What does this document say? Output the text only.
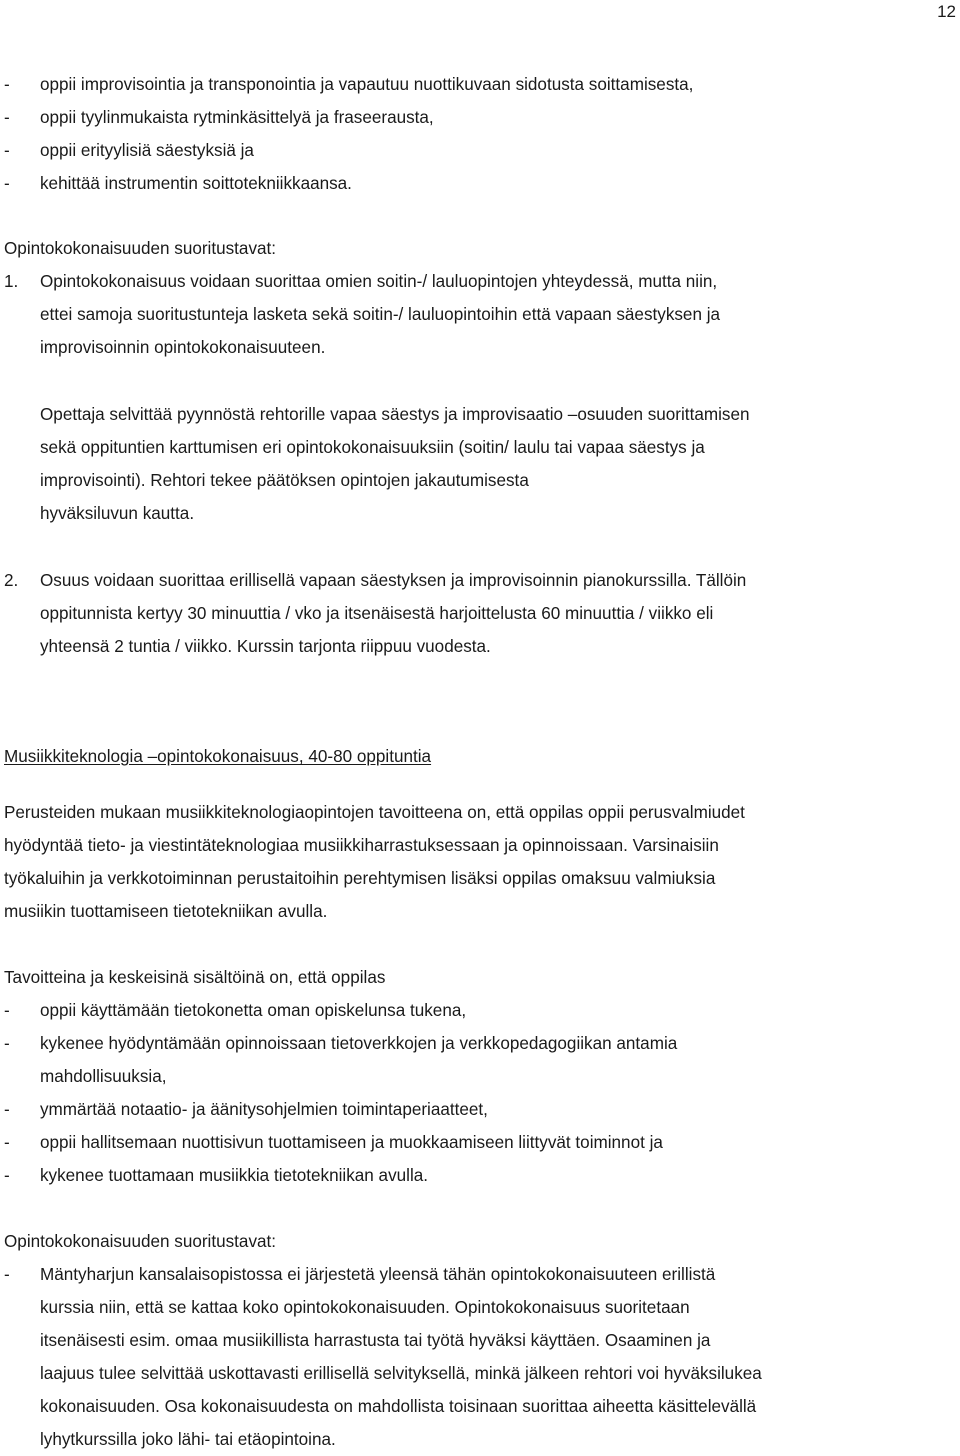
12
-	oppii improvisointia ja transponointia ja vapautuu nuottikuvaan sidotusta soittamisesta,
-	oppii tyylinmukaista rytminkäsittelyä ja fraseerausta,
-	oppii erityylisiä säestyksiä ja
-	kehittää instrumentin soittotekniikkaansa.
Opintokokonaisuuden suoritustavat:
1.	Opintokokonaisuus voidaan suorittaa omien soitin-/ lauluopintojen yhteydessä, mutta niin,
ettei samoja suoritustunteja lasketa sekä soitin-/ lauluopintoihin että vapaan säestyksen ja
improvisoinnin opintokokonaisuuteen.
Opettaja selvittää pyynnöstä rehtorille vapaa säestys ja improvisaatio –osuuden suorittamisen
sekä oppituntien karttumisen eri opintokokonaisuuksiin (soitin/ laulu tai vapaa säestys ja
improvisointi). Rehtori tekee päätöksen opintojen jakautumisesta
hyväksiluvun kautta.
2.	Osuus voidaan suorittaa erillisellä vapaan säestyksen ja improvisoinnin pianokurssilla. Tällöin
oppitunnista kertyy 30 minuuttia / vko ja itsenäisestä harjoittelusta 60 minuuttia / viikko eli
yhteensä 2 tuntia / viikko. Kurssin tarjonta riippuu vuodesta.
Musiikkiteknologia –opintokokonaisuus, 40-80 oppituntia
Perusteiden mukaan musiikkiteknologiaopintojen tavoitteena on, että oppilas oppii perusvalmiudet
hyödyntää tieto- ja viestintäteknologiaa musiikkiharrastuksessaan ja opinnoissaan. Varsinaisiin
työkaluihin ja verkkotoiminnan perustaitoihin perehtymisen lisäksi oppilas omaksuu valmiuksia
musiikin tuottamiseen tietotekniikan avulla.
Tavoitteina ja keskeisinä sisältöinä on, että oppilas
-	oppii käyttämään tietokonetta oman opiskelunsa tukena,
-	kykenee hyödyntämään opinnoissaan tietoverkkojen ja verkkopedagogiikan antamia
mahdollisuuksia,
-	ymmärtää notaatio- ja äänitysohjelmien toimintaperiaatteet,
-	oppii hallitsemaan nuottisivun tuottamiseen ja muokkaamiseen liittyvät toiminnot ja
-	kykenee tuottamaan musiikkia tietotekniikan avulla.
Opintokokonaisuuden suoritustavat:
-	Mäntyharjun kansalaisopistossa ei järjestetä yleensä tähän opintokokonaisuuteen erillistä
kurssia niin, että se kattaa koko opintokokonaisuuden. Opintokokonaisuus suoritetaan
itsenäisesti esim. omaa musiikillista harrastusta tai työtä hyväksi käyttäen. Osaaminen ja
laajuus tulee selvittää uskottavasti erillisellä selvityksellä, minkä jälkeen rehtori voi hyväksilukea
kokonaisuuden. Osa kokonaisuudesta on mahdollista toisinaan suorittaa aiheetta käsittelevällä
lyhytkurssilla joko lähi- tai etäopintoina.
